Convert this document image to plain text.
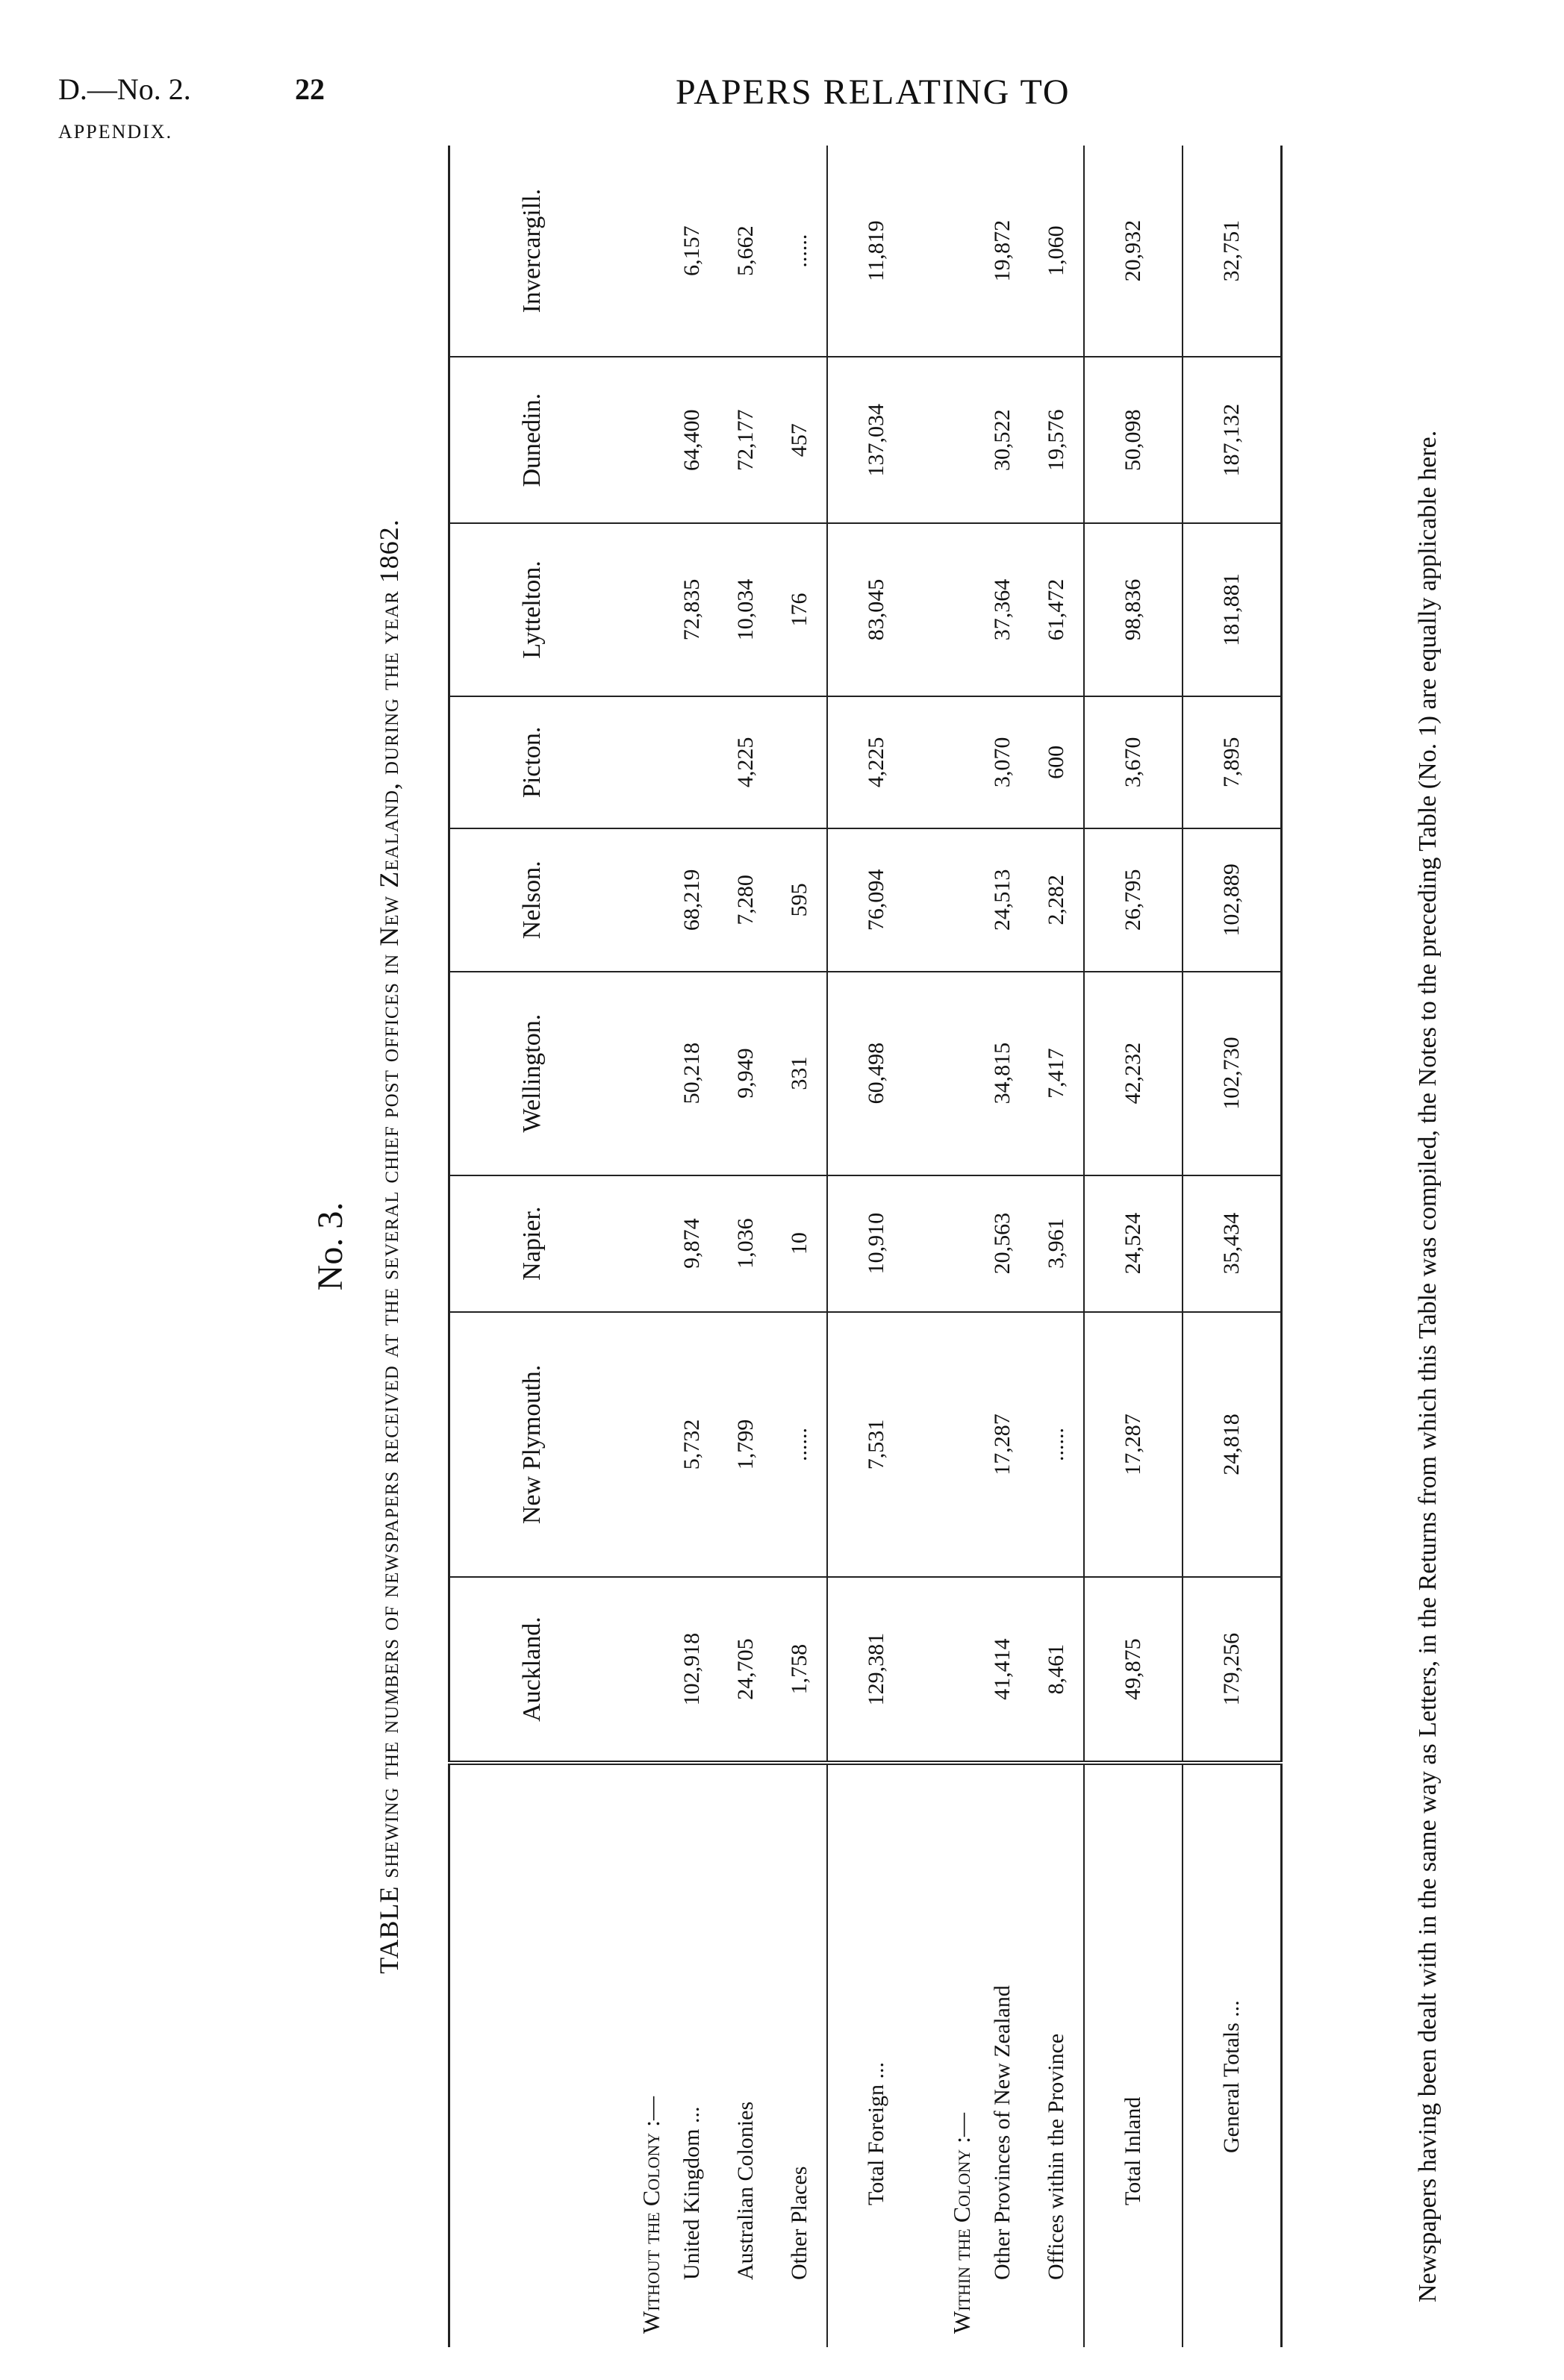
D.—No. 2.	22	PAPERS RELATING TO
APPENDIX.
No. 3. TABLE shewing the numbers of newspapers received at the several chief post offices in New Zealand, during the year 1862.
		Auckland.	New Plymouth.	Napier.	Wellington.	Nelson.	Picton.	Lyttelton.	Dunedin.	Invercargill.
Without the Colony :—									
United Kingdom ...	102,918	5,732	9,874	50,218	68,219		72,835	64,400	6,157
Australian Colonies	24,705	1,799	1,036	9,949	7,280	4,225	10,034	72,177	5,662
Other Places	1,758	......	10	331	595		176	457	......
Total Foreign ...	129,381	7,531	10,910	60,498	76,094	4,225	83,045	137,034	11,819
Within the Colony :—									
Other Provinces of New Zealand	41,414	17,287	20,563	34,815	24,513	3,070	37,364	30,522	19,872
Offices within the Province	8,461	......	3,961	7,417	2,282	600	61,472	19,576	1,060
Total Inland	49,875	17,287	24,524	42,232	26,795	3,670	98,836	50,098	20,932
General Totals ...	179,256	24,818	35,434	102,730	102,889	7,895	181,881	187,132	32,751
Newspapers having been dealt with in the same way as Letters, in the Returns from which this Table was compiled, the Notes to the preceding Table (No. 1) are equally applicable here.
